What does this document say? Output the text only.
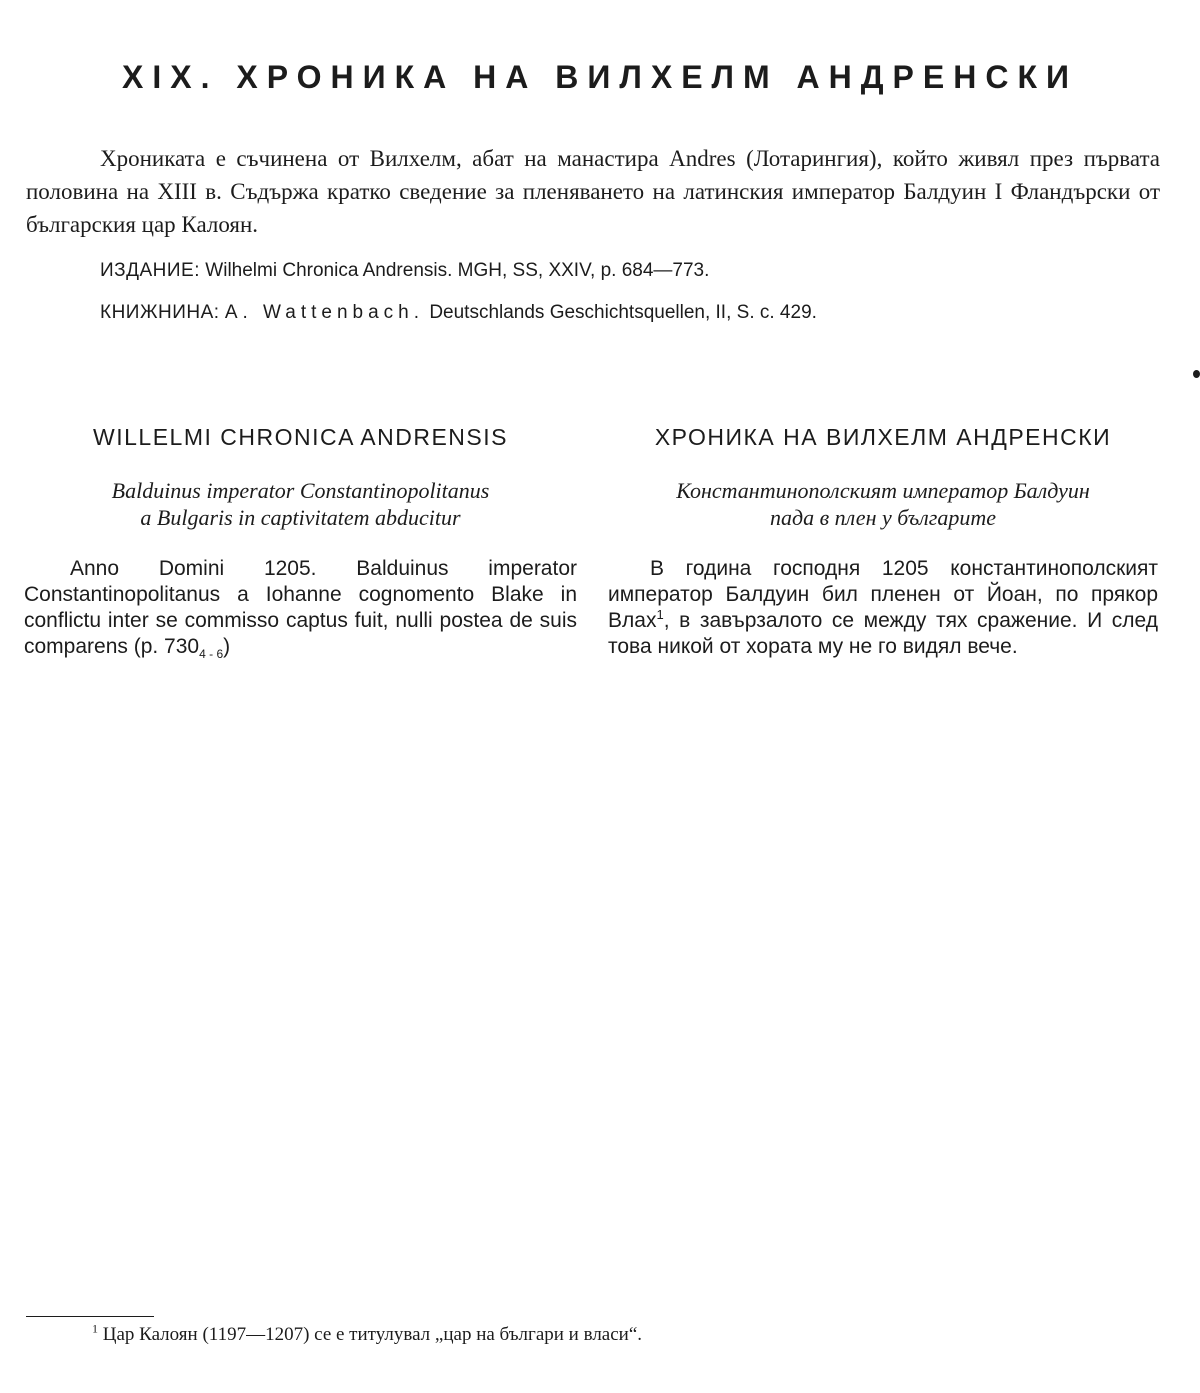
XIX. ХРОНИКА НА ВИЛХЕЛМ АНДРЕНСКИ

Хрониката е съчинена от Вилхелм, абат на манастира Andres (Лотарингия), който живял през първата половина на XIII в. Съдържа кратко сведение за пленяването на латинския император Балдуин I Фландърски от българския цар Калоян.

ИЗДАНИЕ: Wilhelmi Chronica Andrensis. MGH, SS, XXIV, p. 684—773.

КНИЖНИНА: A. Wattenbach. Deutschlands Geschichtsquellen, II, S. c. 429.

WILLELMI CHRONICA ANDRENSIS

Balduinus imperator Constantinopolitanus
a Bulgaris in captivitatem abducitur

Anno Domini 1205. Balduinus imperator Constantinopolitanus a Iohanne cognomento Blake in conflictu inter se commisso captus fuit, nulli postea de suis comparens (p. $730_{4 - 6}$)

ХРОНИКА НА ВИЛХЕЛМ АНДРЕНСКИ

Константинополският император Балдуин
пада в плен у българите

В година господня 1205 константинополският император Балдуин бил пленен от Йоан, по прякор Влах$^1$, в завързалото се между тях сражение. И след това никой от хората му не го видял вече.

$^1$ Цар Калоян (1197—1207) се е титулувал „цар на българи и власи“.
